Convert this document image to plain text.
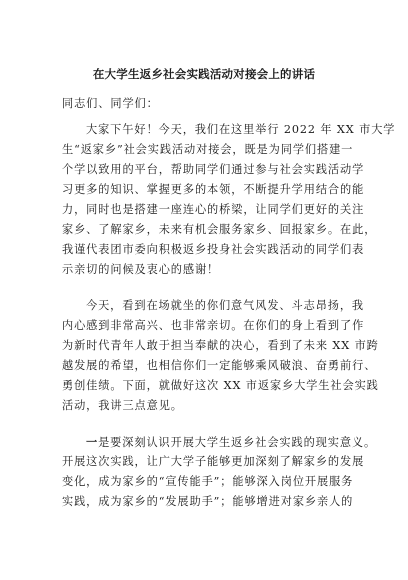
在大学生返乡社会实践活动对接会上的讲话
同志们、同学们：
大家下午好！今天，我们在这里举行 2022 年 XX 市大学
生“返家乡”社会实践活动对接会，既是为同学们搭建一
个学以致用的平台，帮助同学们通过参与社会实践活动学
习更多的知识、掌握更多的本领，不断提升学用结合的能
力，同时也是搭建一座连心的桥梁，让同学们更好的关注
家乡、了解家乡，未来有机会服务家乡、回报家乡。在此，
我谨代表团市委向积极返乡投身社会实践活动的同学们表
示亲切的问候及衷心的感谢！
今天，看到在场就坐的你们意气风发、斗志昂扬，我
内心感到非常高兴、也非常亲切。在你们的身上看到了作
为新时代青年人敢于担当奉献的决心，看到了未来 XX 市跨
越发展的希望，也相信你们一定能够乘风破浪、奋勇前行、
勇创佳绩。下面，就做好这次 XX 市返家乡大学生社会实践
活动，我讲三点意见。
一是要深刻认识开展大学生返乡社会实践的现实意义。
开展这次实践，让广大学子能够更加深刻了解家乡的发展
变化，成为家乡的“宣传能手”；能够深入岗位开展服务
实践，成为家乡的“发展助手”；能够增进对家乡亲人的
